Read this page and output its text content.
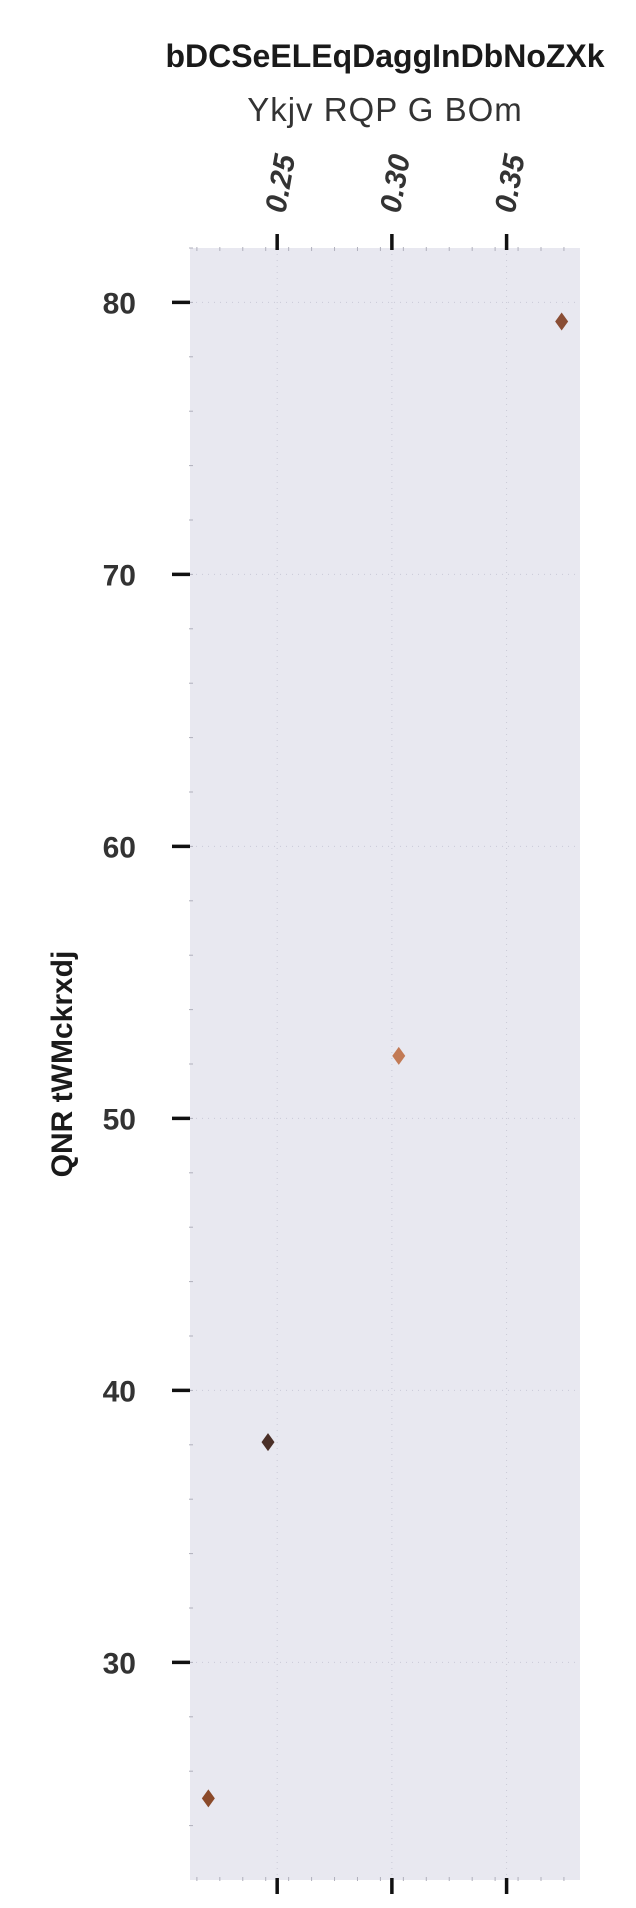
0.25 0.30 0.35
30
40
50
60
70
80
bDCSeELEqDaggInDbNoZXk
Ykjv RQP G BOm
QNR tWMckrxdj
